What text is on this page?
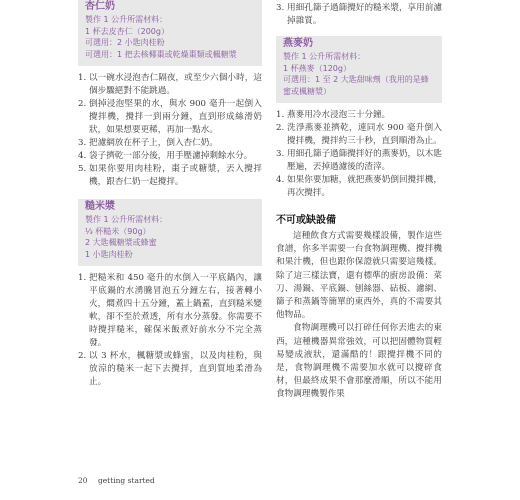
杏仁奶
製作 1 公升所需材料：
1 杯去皮杏仁（200g）
可選用：2 小匙肉桂粉
可選用：1 把去核椰棗或乾燥棗類或楓糖漿
1. 以一碗水浸泡杏仁隔夜，或至少六個小時，這個步驟絕對不能跳過。
2. 倒掉浸泡堅果的水，與水 900 毫升一起倒入攪拌機，攪拌一到兩分鐘，直到形成絲滑奶狀，如果想要更稀，再加一點水。
3. 把濾網放在杯子上，倒入杏仁奶。
4. 袋子擠乾一部分後，用手壓濾掉剩餘水分。
5. 如果你要用肉桂粉，棗子或糖漿，丟入攪拌機，跟杏仁奶一起攪拌。
糙米漿
製作 1 公升所需材料：
⅓ 杯糙米（90g）
2 大匙楓糖漿或蜂蜜
1 小匙肉桂粉
1. 把糙米和 450 毫升的水倒入一平底鍋內，讓平底鍋的水湧騰冒泡五分鐘左右，接著轉小火，燜煮四十五分鐘，蓋上鍋蓋，直到糙米變軟，卻不至於煮透，所有水分蒸發。你需要不時攪拌糙米，確保米飯煮好前水分不完全蒸發。
2. 以 3 杯水，楓糖漿或蜂蜜，以及肉桂粉，與放涼的糙米一起下去攪拌，直到質地柔滑為止。
3. 用細孔篩子過篩攪好的糙米漿，享用前濾掉雜質。
燕麥奶
製作 1 公升所需材料：
1 杯燕麥（120g）
可選用：1 至 2 大匙甜味劑（我用的是蜂蜜或楓糖漿）
1. 燕麥用冷水浸泡三十分鐘。
2. 洗淨燕麥並擠乾，連同水 900 毫升倒入攪拌機，攪拌約三十秒，直到順滑為止。
3. 用細孔篩子過篩攪拌好的燕麥奶，以木匙壓遍，丟掉過濾後的渣滓。
4. 如果你要加糖，就把燕麥奶倒回攪拌機，再次攪拌。
不可或缺設備

這種飲食方式需要幾樣設備，製作這些食譜，你多半需要一台食物調理機、攪拌機和果汁機，但也跟你保證就只需要這幾樣。除了這三樣法寶，還有標準的廚房設備：菜刀、湯鍋、平底鍋、刨絲器、砧板、濾網、篩子和蒸鍋等簡單的東西外，真的不需要其他物品。

食物調理機可以打碎任何你丟進去的東西，這種機器異常強效，可以把固體物質輕易變成液狀，還滿酷的！跟攪拌機不同的是，食物調理機不需要加水就可以攪碎食材，但最終成果不會那麼滑順，所以不能用食物調理機製作果

20 getting started
